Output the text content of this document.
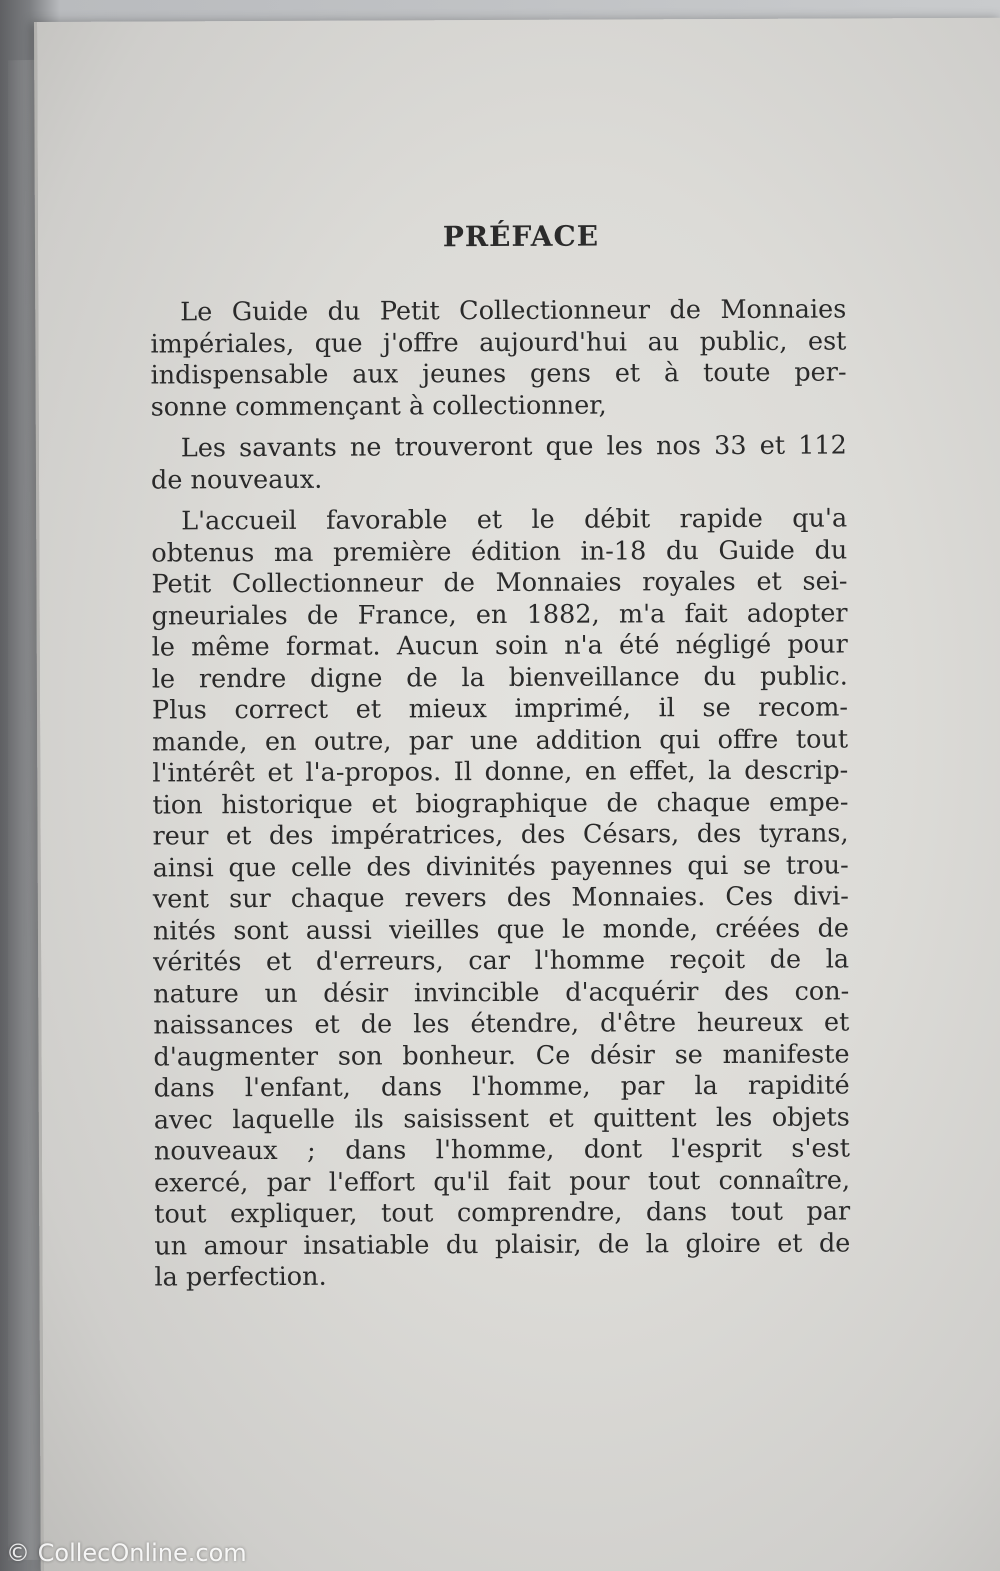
PRÉFACE
Le Guide du Petit Collectionneur de Monnaies
impériales, que j'offre aujourd'hui au public, est
indispensable aux jeunes gens et à toute per-
sonne commençant à collectionner,
Les savants ne trouveront que les nos 33 et 112
de nouveaux.
L'accueil favorable et le débit rapide qu'a
obtenus ma première édition in-18 du Guide du
Petit Collectionneur de Monnaies royales et sei-
gneuriales de France, en 1882, m'a fait adopter
le même format. Aucun soin n'a été négligé pour
le rendre digne de la bienveillance du public.
Plus correct et mieux imprimé, il se recom-
mande, en outre, par une addition qui offre tout
l'intérêt et l'a-propos. Il donne, en effet, la descrip-
tion historique et biographique de chaque empe-
reur et des impératrices, des Césars, des tyrans,
ainsi que celle des divinités payennes qui se trou-
vent sur chaque revers des Monnaies. Ces divi-
nités sont aussi vieilles que le monde, créées de
vérités et d'erreurs, car l'homme reçoit de la
nature un désir invincible d'acquérir des con-
naissances et de les étendre, d'être heureux et
d'augmenter son bonheur. Ce désir se manifeste
dans l'enfant, dans l'homme, par la rapidité
avec laquelle ils saisissent et quittent les objets
nouveaux ; dans l'homme, dont l'esprit s'est
exercé, par l'effort qu'il fait pour tout connaître,
tout expliquer, tout comprendre, dans tout par
un amour insatiable du plaisir, de la gloire et de
la perfection.
© CollecOnline.com
